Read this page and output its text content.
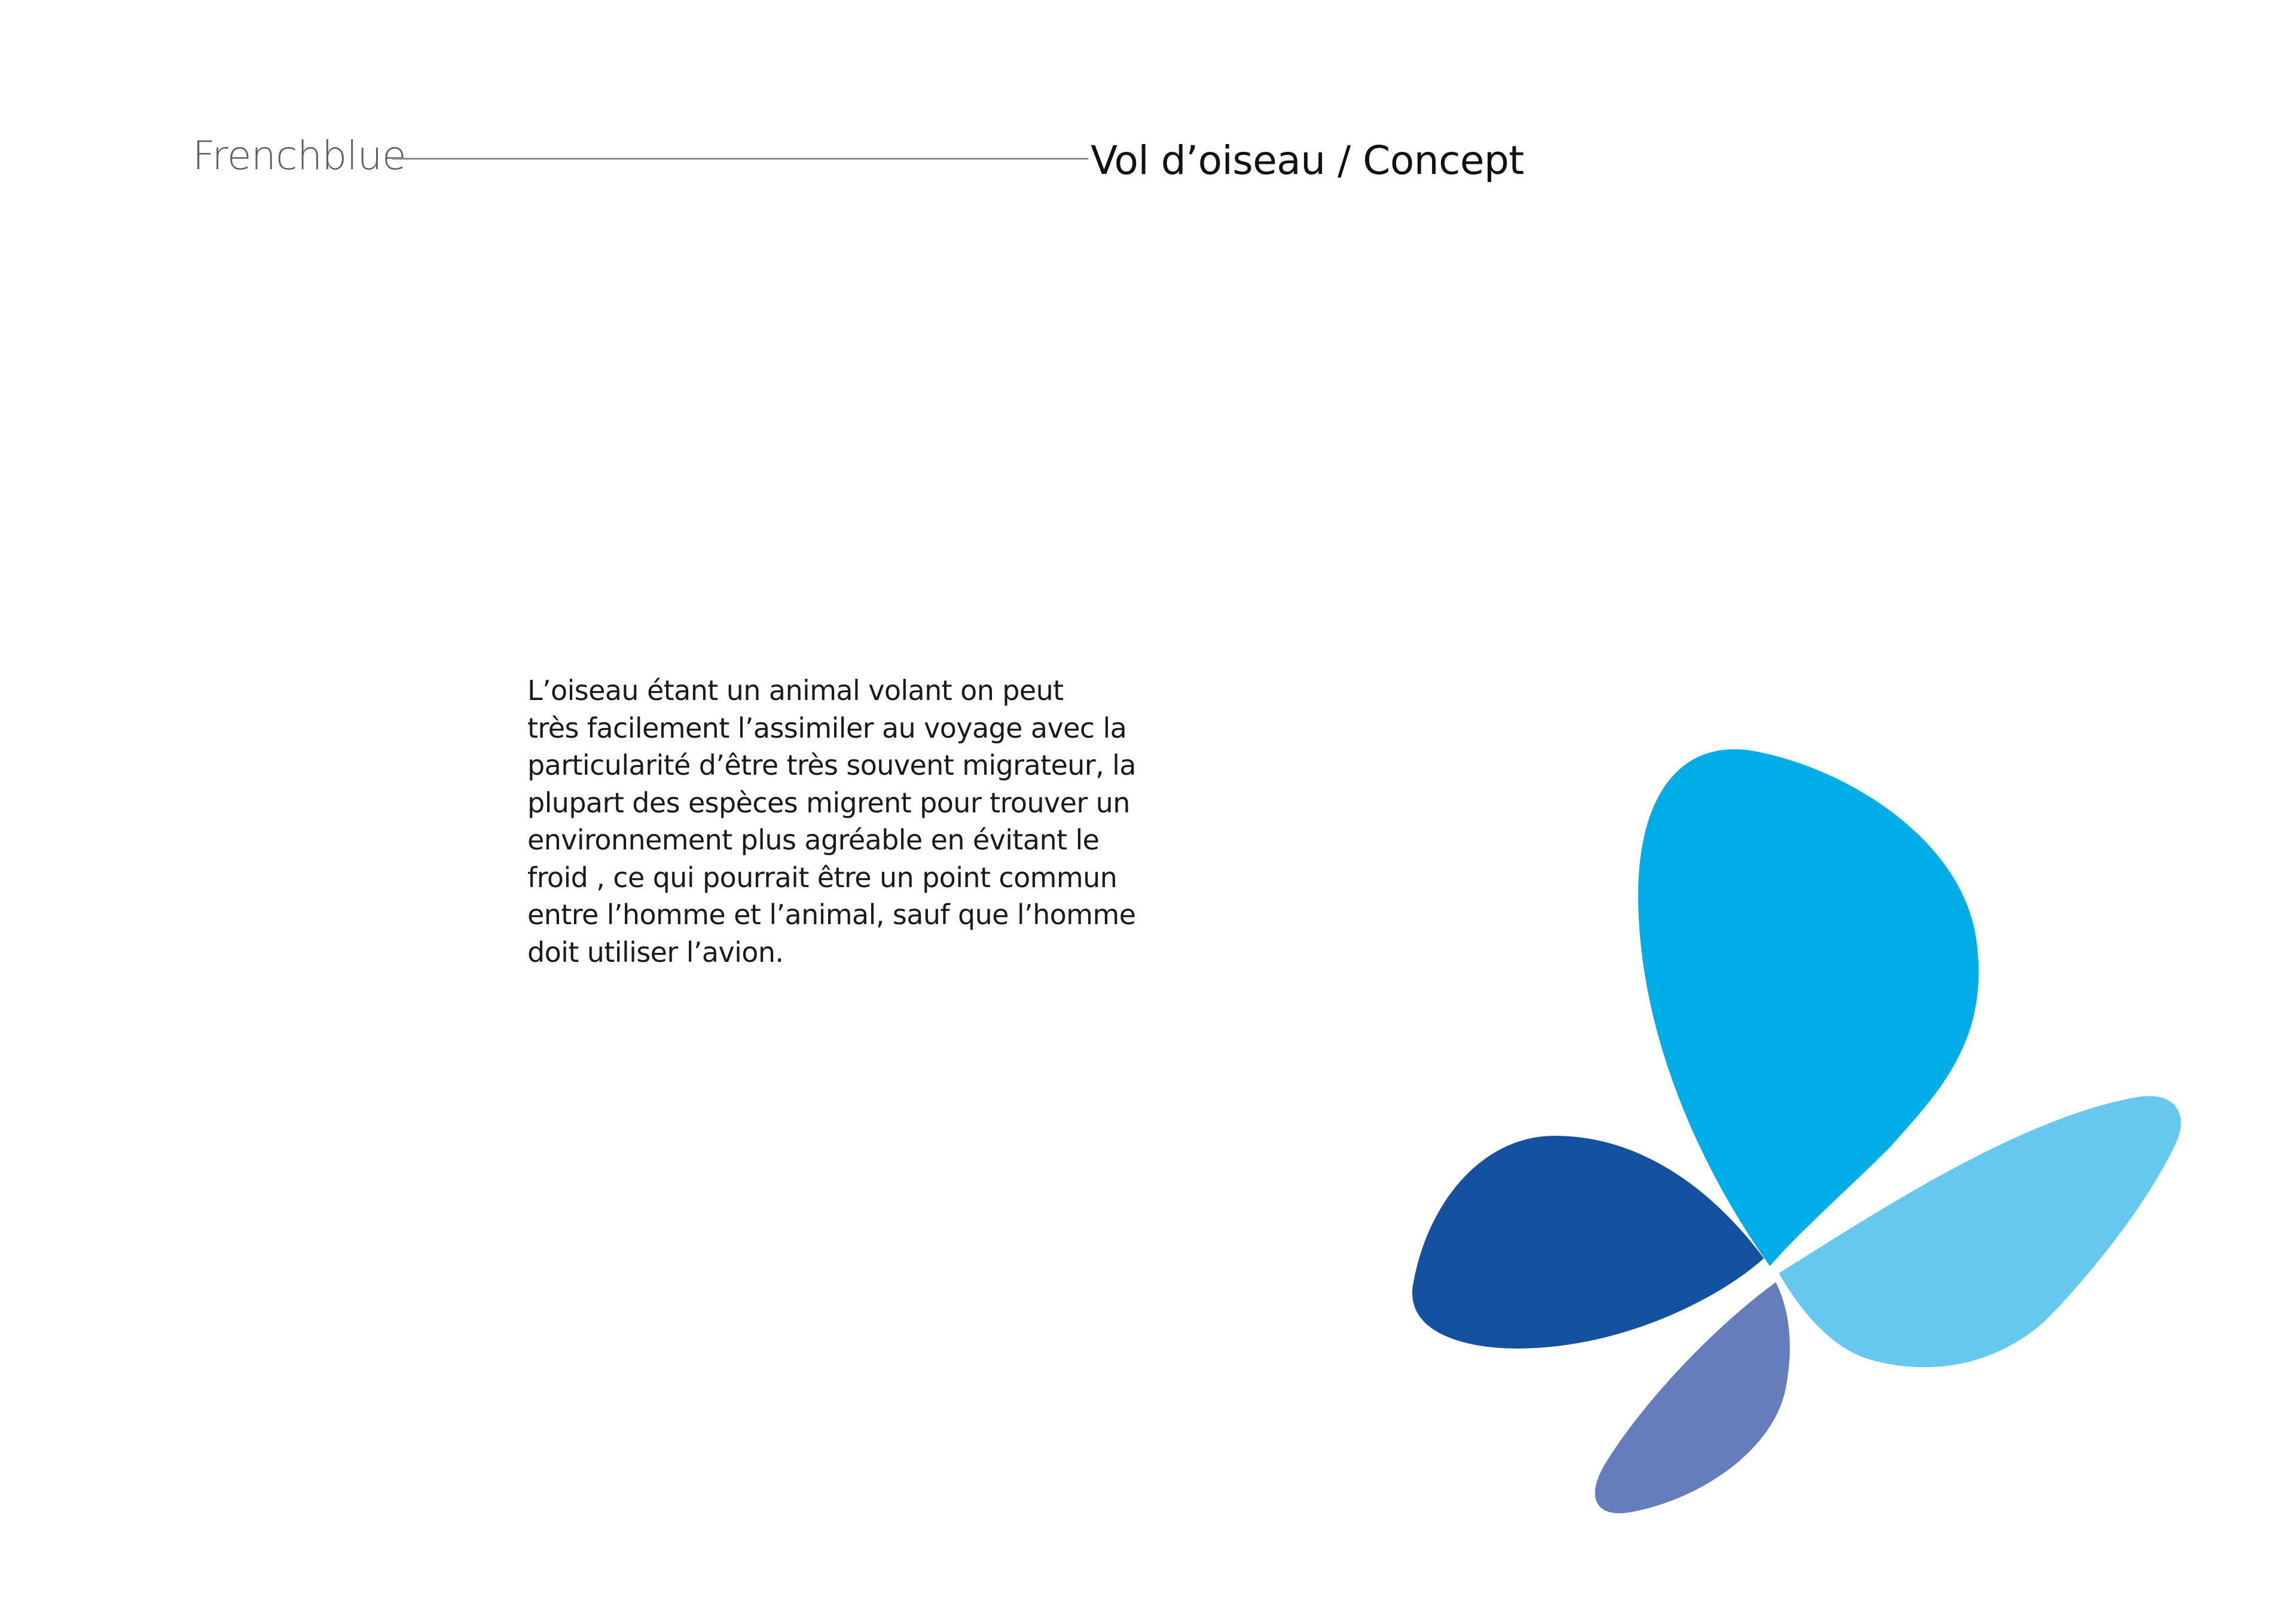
Frenchblue	Vol d’oiseau / Concept

L’oiseau étant un animal volant on peut
très facilement l’assimiler au voyage avec la
particularité d’être très souvent migrateur, la
plupart des espèces migrent pour trouver un
environnement plus agréable en évitant le
froid , ce qui pourrait être un point commun
entre l’homme et l’animal, sauf que l’homme
doit utiliser l’avion.
